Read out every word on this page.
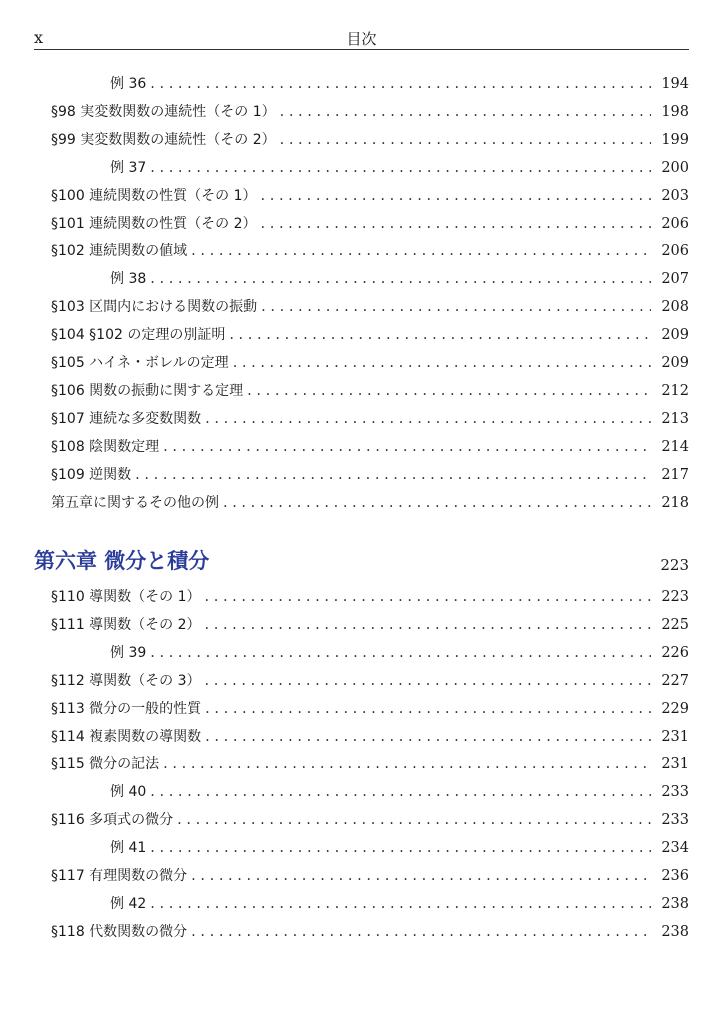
x	目次
例 36 . . .	194
§98 実変数関数の連続性（その 1） . . .	198
§99 実変数関数の連続性（その 2） . . .	199
例 37 . . .	200
§100 連続関数の性質（その 1） . . .	203
§101 連続関数の性質（その 2） . . .	206
§102 連続関数の値域 . . .	206
例 38 . . .	207
§103 区間内における関数の振動 . . .	208
§104 §102 の定理の別証明 . . .	209
§105 ハイネ・ボレルの定理 . . .	209
§106 関数の振動に関する定理 . . .	212
§107 連続な多変数関数 . . .	213
§108 陰関数定理 . . .	214
§109 逆関数 . . .	217
第五章に関するその他の例 . . .	218
第六章 微分と積分	223
§110 導関数（その 1） . . .	223
§111 導関数（その 2） . . .	225
例 39 . . .	226
§112 導関数（その 3） . . .	227
§113 微分の一般的性質 . . .	229
§114 複素関数の導関数 . . .	231
§115 微分の記法 . . .	231
例 40 . . .	233
§116 多項式の微分 . . .	233
例 41 . . .	234
§117 有理関数の微分 . . .	236
例 42 . . .	238
§118 代数関数の微分 . . .	238
